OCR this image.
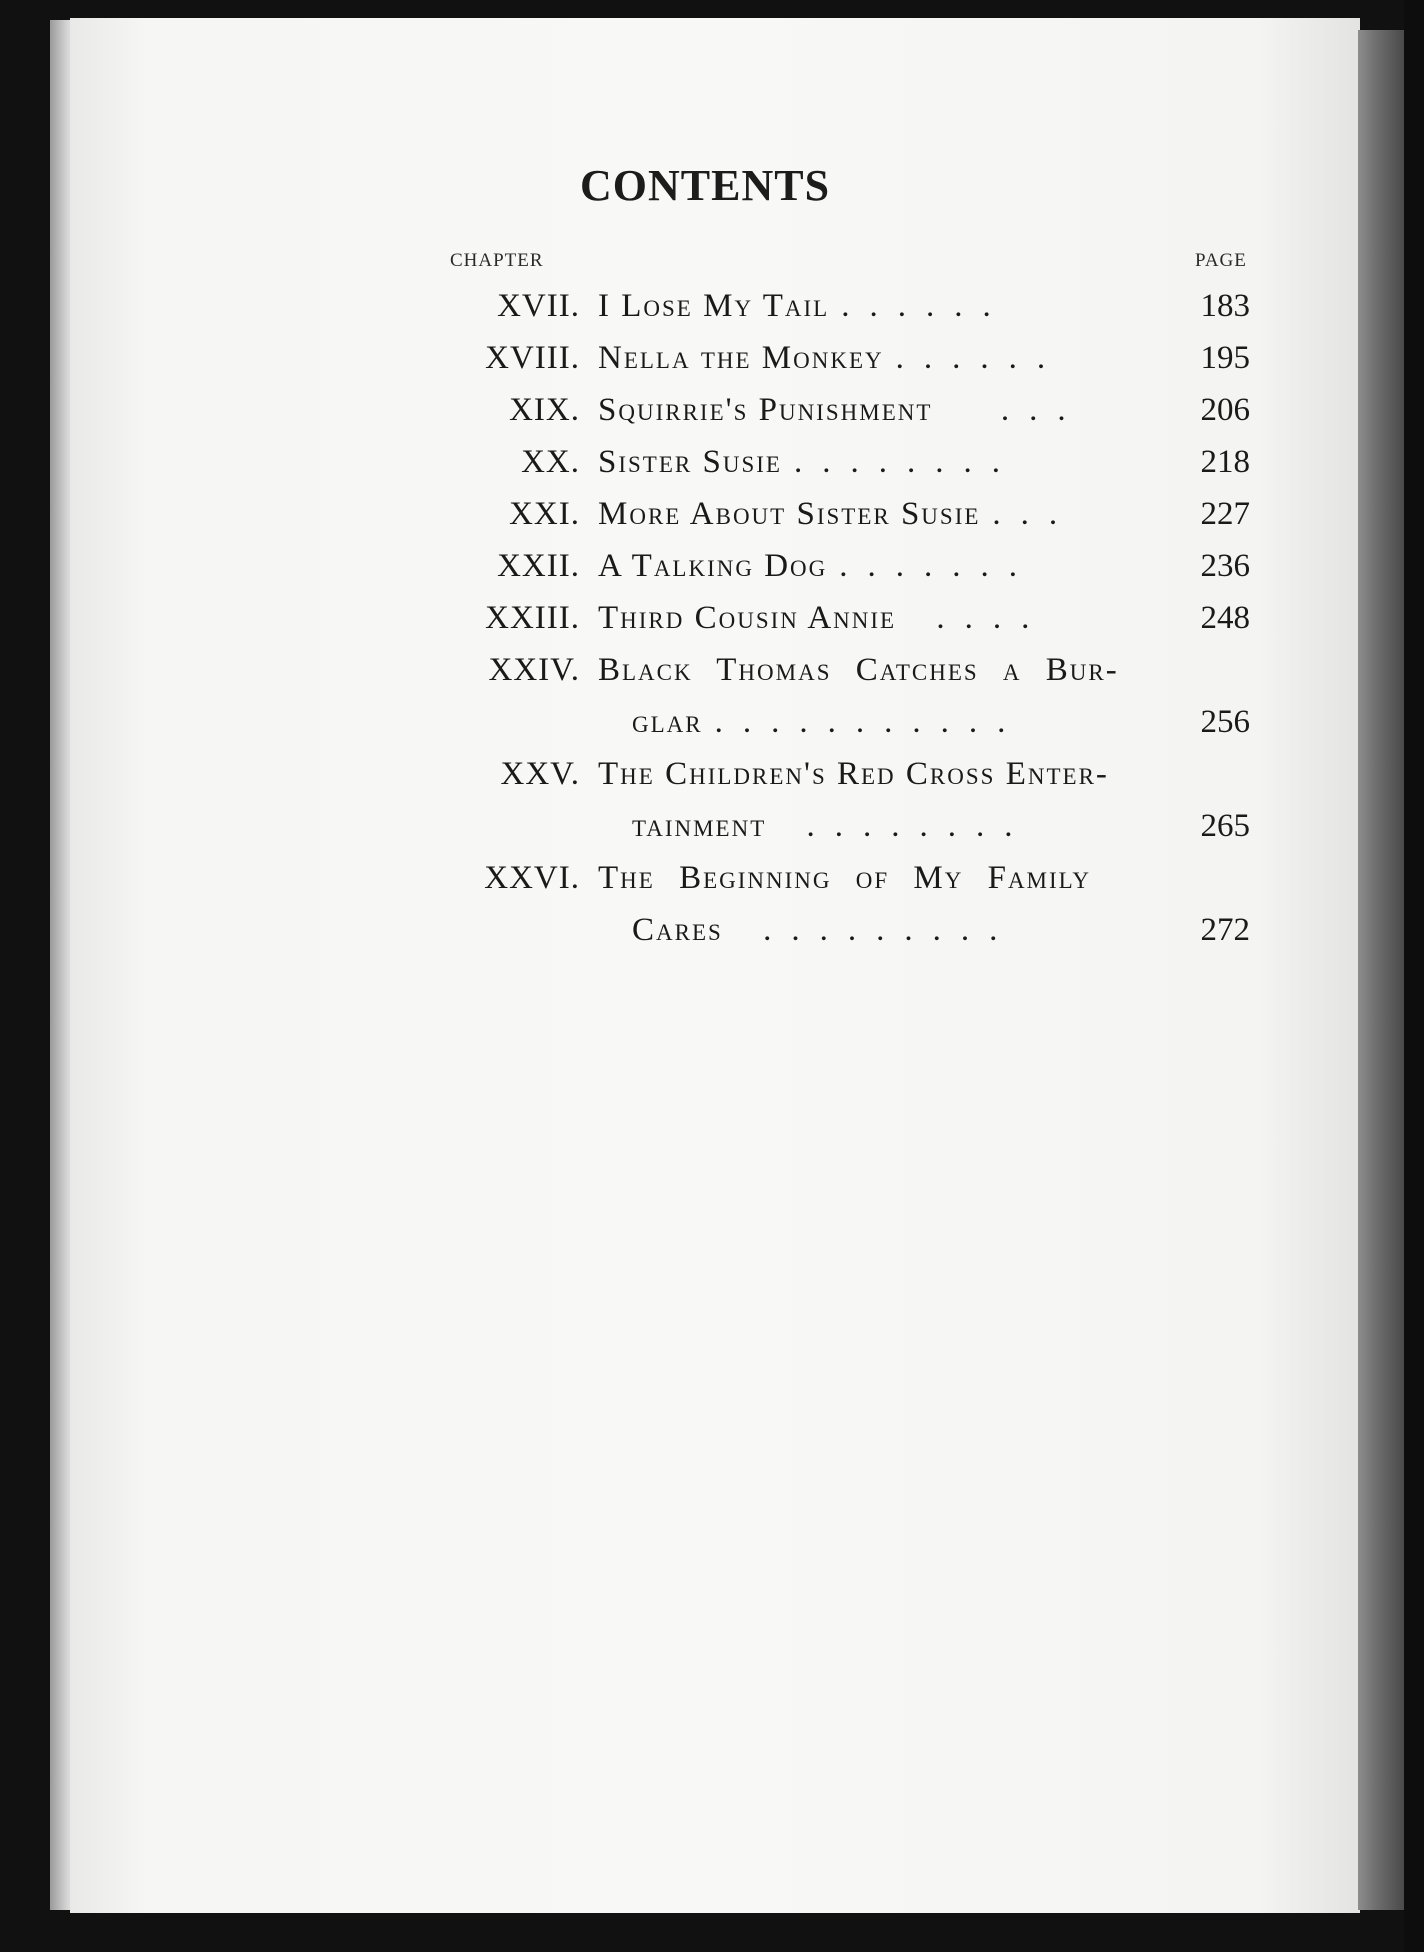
CONTENTS
CHAPTER	PAGE
XVII. I Lose My Tail ......	183
XVIII. Nella the Monkey ......	195
XIX. Squirrie's Punishment  ...	206
XX. Sister Susie ........	218
XXI. More About Sister Susie ...	227
XXII. A Talking Dog .......	236
XXIII. Third Cousin Annie ....	248
XXIV. Black Thomas Catches a Bur-
glar ...........	256
XXV. The Children's Red Cross Enter-
tainment ........	265
XXVI. The Beginning of My Family
Cares .........	272
